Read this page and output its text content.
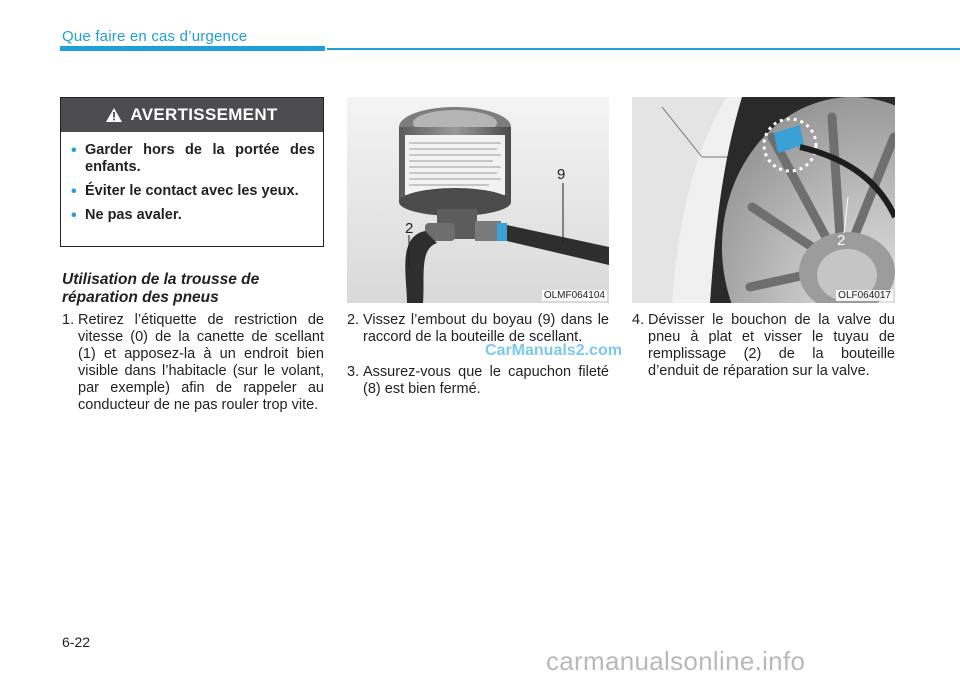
Que faire en cas d’urgence
AVERTISSEMENT
• Garder hors de la portée des enfants.
• Éviter le contact avec les yeux.
• Ne pas avaler.
Utilisation de la trousse de réparation des pneus
1. Retirez l’étiquette de restriction de vitesse (0) de la canette de scellant (1) et apposez-la à un endroit bien visible dans l’habitacle (sur le volant, par exemple) afin de rappeler au conducteur de ne pas rouler trop vite.
9
2
OLMF064104
2. Vissez l’embout du boyau (9) dans le raccord de la bouteille de scellant.
3. Assurez-vous que le capuchon fileté (8) est bien fermé.
2
OLF064017
4. Dévisser le bouchon de la valve du pneu à plat et visser le tuyau de remplissage (2) de la bouteille d’enduit de réparation sur la valve.
CarManuals2.com
6-22
carmanualsonline.info
